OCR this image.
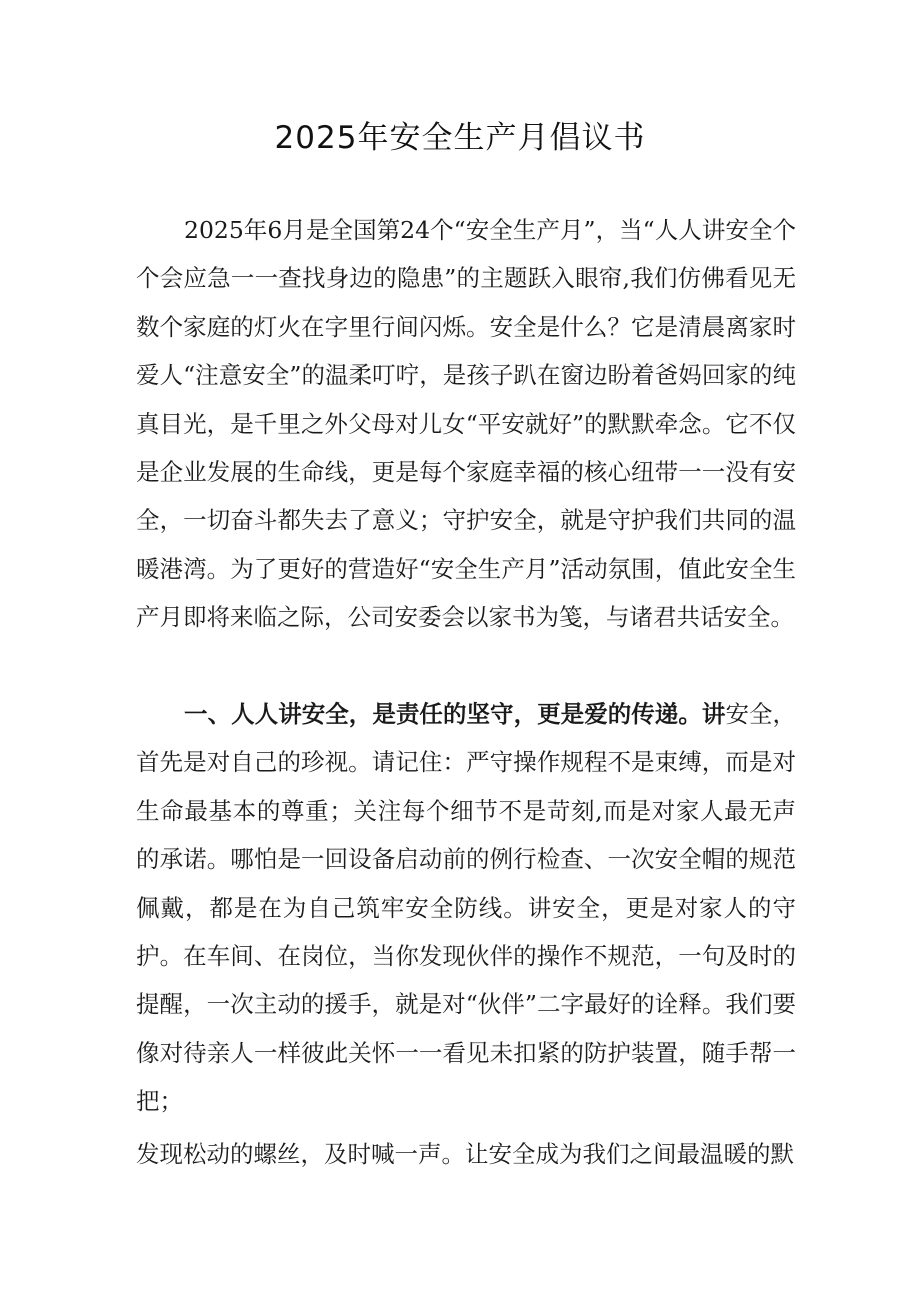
2025年安全生产月倡议书

2025年6月是全国第24个“安全生产月”，当“人人讲安全个个会应急一一查找身边的隐患”的主题跃入眼帘,我们仿佛看见无数个家庭的灯火在字里行间闪烁。安全是什么？它是清晨离家时爱人“注意安全”的温柔叮咛，是孩子趴在窗边盼着爸妈回家的纯真目光，是千里之外父母对儿女“平安就好”的默默牵念。它不仅是企业发展的生命线，更是每个家庭幸福的核心纽带一一没有安全，一切奋斗都失去了意义；守护安全，就是守护我们共同的温暖港湾。为了更好的营造好“安全生产月”活动氛围，值此安全生产月即将来临之际，公司安委会以家书为笺，与诸君共话安全。

一、人人讲安全，是责任的坚守，更是爱的传递。讲安全，首先是对自己的珍视。请记住：严守操作规程不是束缚，而是对生命最基本的尊重；关注每个细节不是苛刻,而是对家人最无声的承诺。哪怕是一回设备启动前的例行检查、一次安全帽的规范佩戴，都是在为自己筑牢安全防线。讲安全，更是对家人的守护。在车间、在岗位，当你发现伙伴的操作不规范，一句及时的提醒，一次主动的援手，就是对“伙伴”二字最好的诠释。我们要像对待亲人一样彼此关怀一一看见未扣紧的防护装置，随手帮一把；

发现松动的螺丝，及时喊一声。让安全成为我们之间最温暖的默
